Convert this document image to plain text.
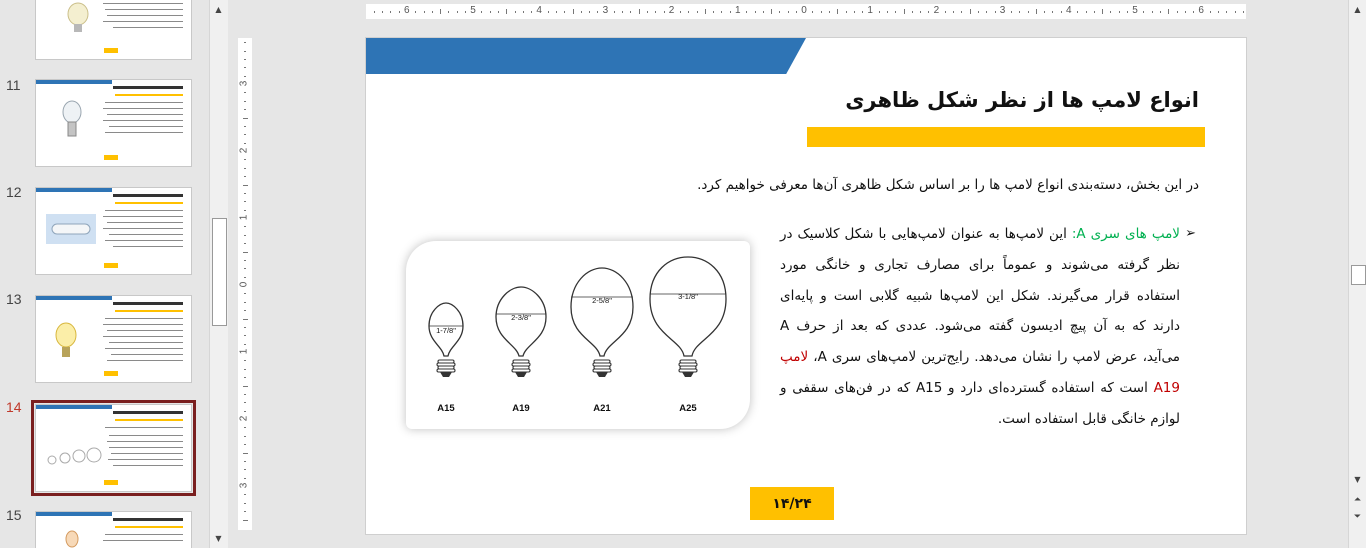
11
12
13
14
15
▲
▼
6	5	4	3	2	1	0	1	2	3	4	5	6
3
2
1
0
1
2
3
انواع لامپ ها از نظر شکل ظاهری
در این بخش، دسته‌بندی انواع لامپ ها را بر اساس شکل ظاهری آن‌ها معرفی خواهیم کرد.
➢
لامپ های سری A: این لامپ‌ها به عنوان لامپ‌هایی با شکل کلاسیک در نظر گرفته می‌شوند و عموماً برای مصارف تجاری و خانگی مورد استفاده قرار می‌گیرند. شکل این لامپ‌ها شبیه گلابی است و پایه‌ای دارند که به آن پیچ ادیسون گفته می‌شود. عددی که بعد از حرف A می‌آید، عرض لامپ را نشان می‌دهد. رایج‌ترین لامپ‌های سری A، لامپ A19 است که استفاده گسترده‌ای دارد و A15 که در فن‌های سقفی و لوازم خانگی قابل استفاده است.
1-7/8"
2-3/8"
2-5/8"	3-1/8"
A15	A19	A21	A25
۱۴/۲۴
▲
▼
⏶
⏷
